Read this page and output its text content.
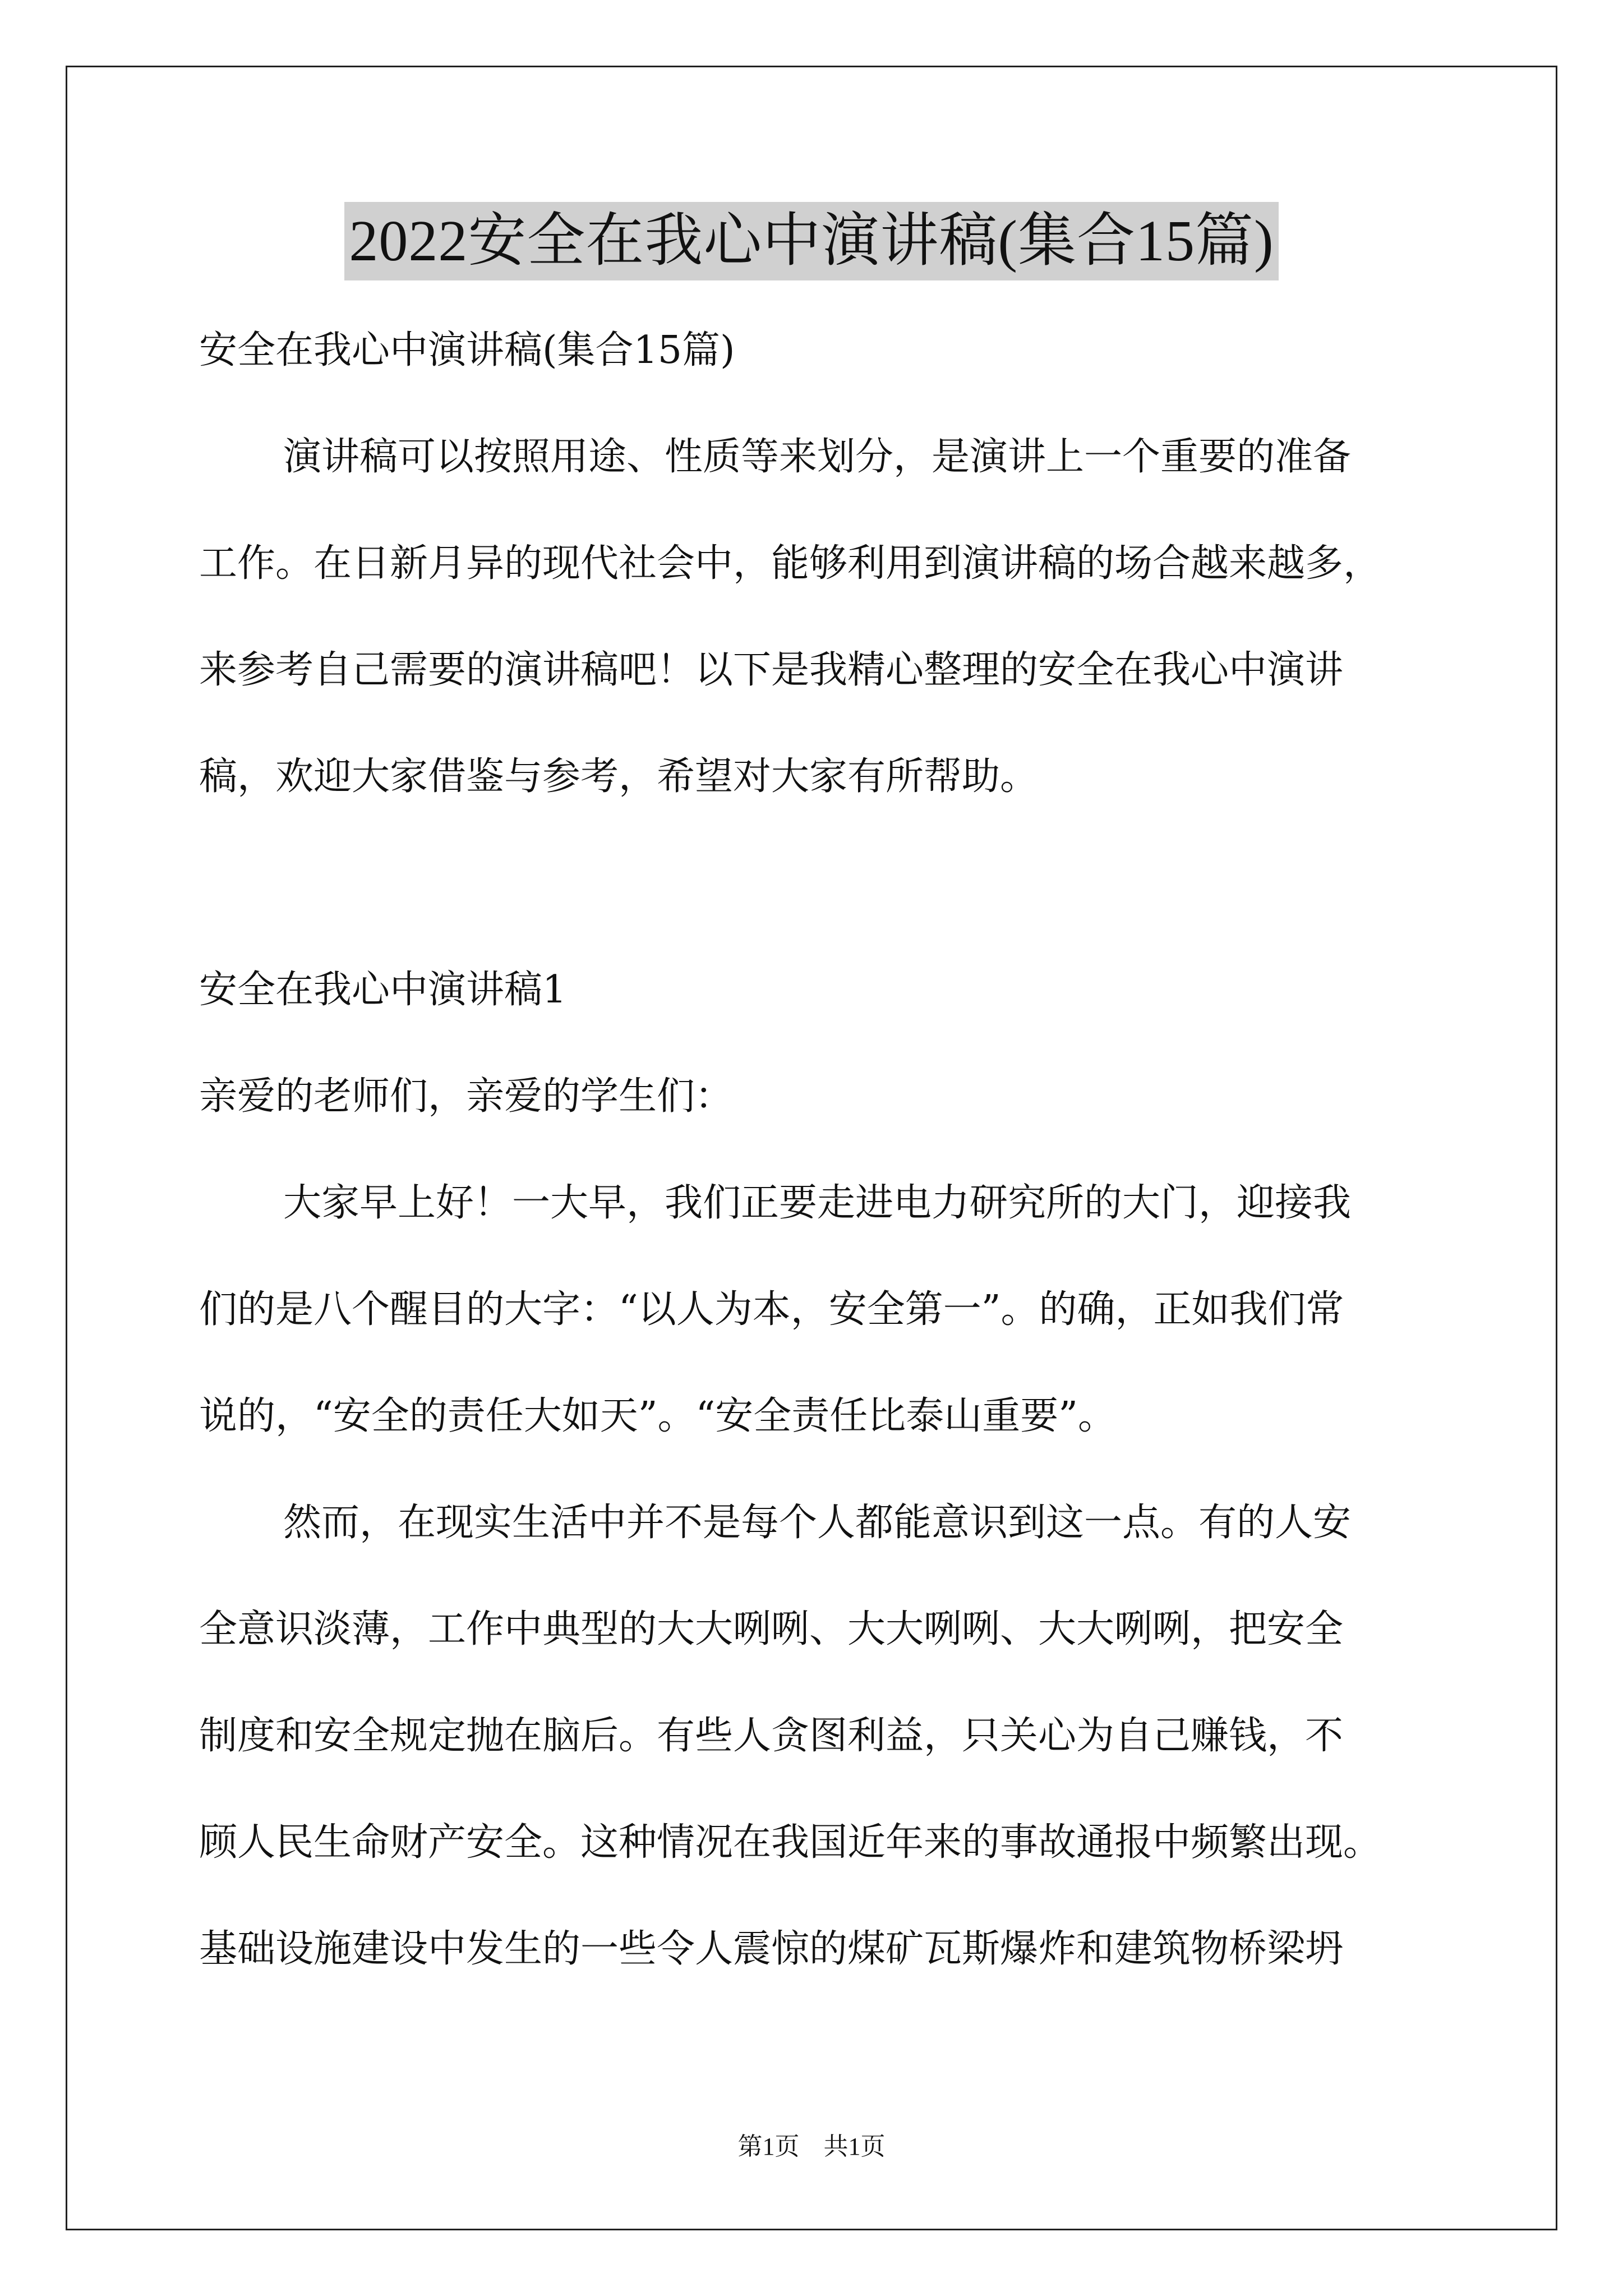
2022安全在我心中演讲稿(集合15篇)
安全在我心中演讲稿(集合15篇)
演讲稿可以按照用途、性质等来划分，是演讲上一个重要的准备
工作。在日新月异的现代社会中，能够利用到演讲稿的场合越来越多，
来参考自己需要的演讲稿吧！以下是我精心整理的安全在我心中演讲
稿，欢迎大家借鉴与参考，希望对大家有所帮助。
安全在我心中演讲稿1
亲爱的老师们，亲爱的学生们：
大家早上好！一大早，我们正要走进电力研究所的大门，迎接我
们的是八个醒目的大字：“以人为本，安全第一”。的确，正如我们常
说的，“安全的责任大如天”。“安全责任比泰山重要”。
然而，在现实生活中并不是每个人都能意识到这一点。有的人安
全意识淡薄，工作中典型的大大咧咧、大大咧咧、大大咧咧，把安全
制度和安全规定抛在脑后。有些人贪图利益，只关心为自己赚钱，不
顾人民生命财产安全。这种情况在我国近年来的事故通报中频繁出现。
基础设施建设中发生的一些令人震惊的煤矿瓦斯爆炸和建筑物桥梁坍
第1页 共1页
